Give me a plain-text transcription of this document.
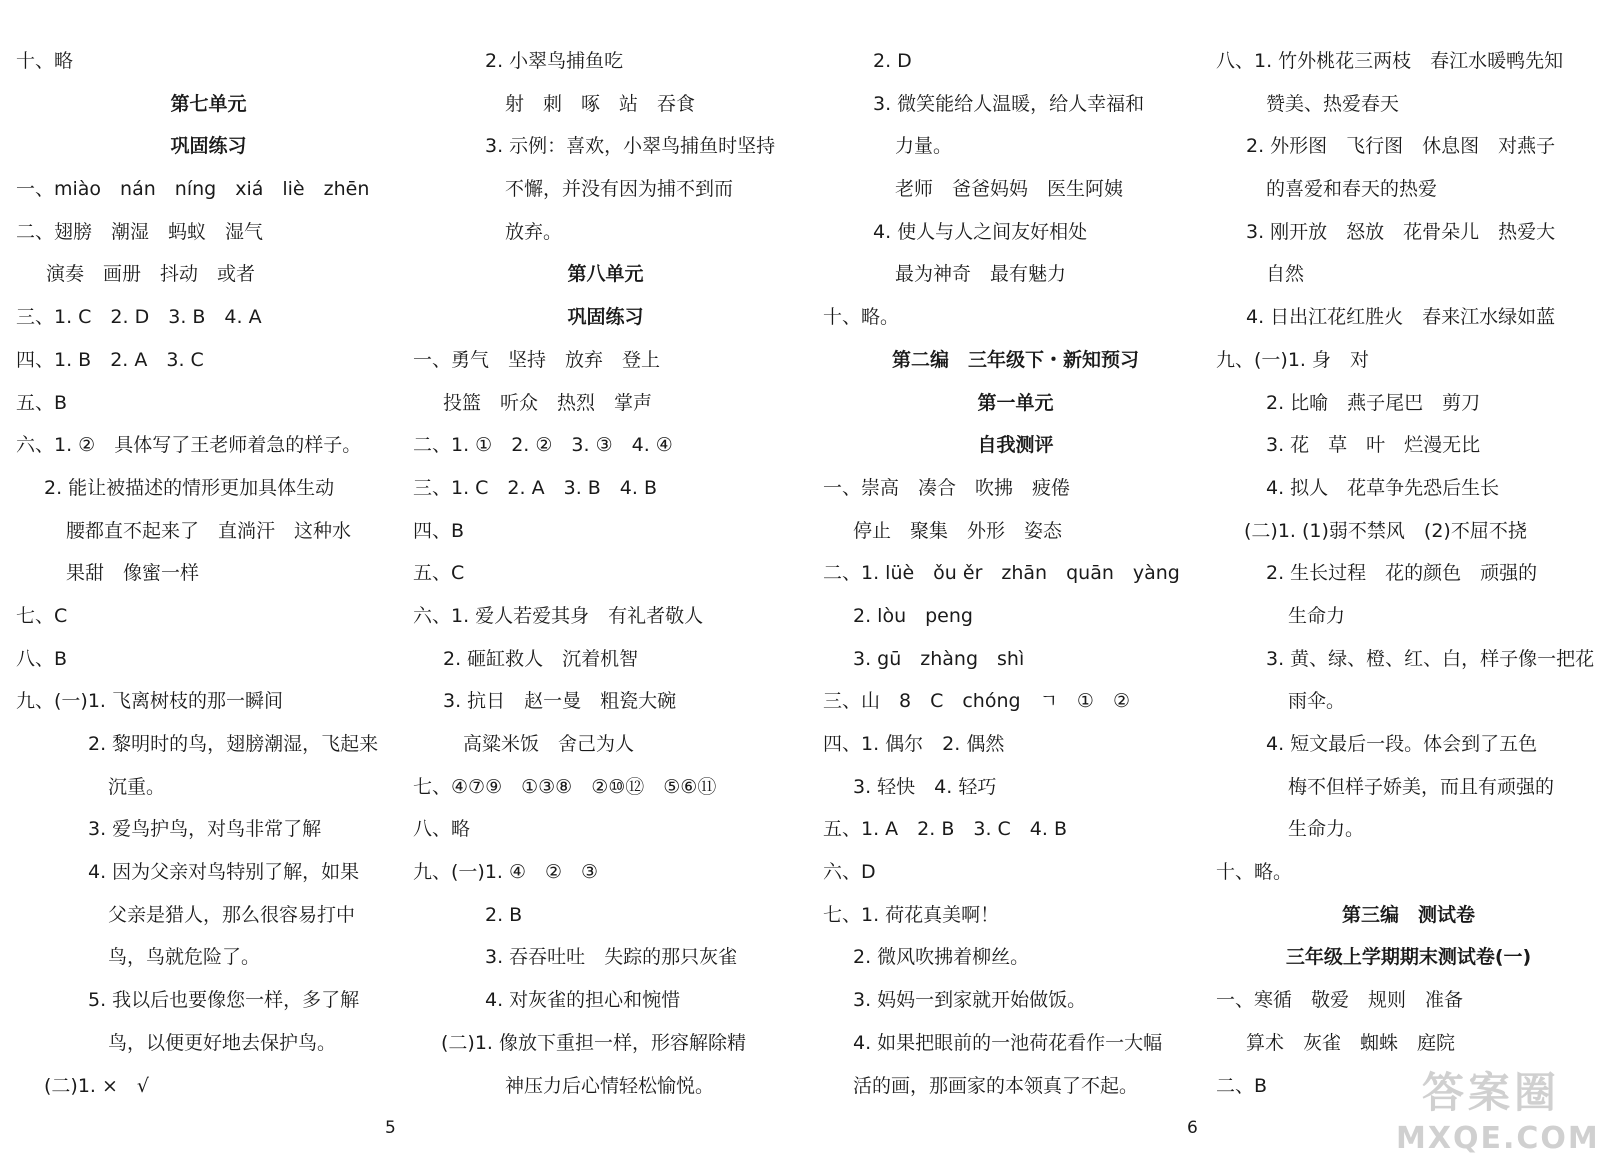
十、略
第七单元
巩固练习
一、miào　nán　níng　xiá　liè　zhēn
二、翅膀　潮湿　蚂蚁　湿气
演奏　画册　抖动　或者
三、1. C　2. D　3. B　4. A
四、1. B　2. A　3. C
五、B
六、1. ②　具体写了王老师着急的样子。
2. 能让被描述的情形更加具体生动
腰都直不起来了　直淌汗　这种水
果甜　像蜜一样
七、C
八、B
九、(一)1. 飞离树枝的那一瞬间
2. 黎明时的鸟，翅膀潮湿，飞起来
沉重。
3. 爱鸟护鸟，对鸟非常了解
4. 因为父亲对鸟特别了解，如果
父亲是猎人，那么很容易打中
鸟，鸟就危险了。
5. 我以后也要像您一样，多了解
鸟，以便更好地去保护鸟。
(二)1. ×　√
2. 小翠鸟捕鱼吃
射　刺　啄　站　吞食
3. 示例：喜欢，小翠鸟捕鱼时坚持
不懈，并没有因为捕不到而
放弃。
第八单元
巩固练习
一、勇气　坚持　放弃　登上
投篮　听众　热烈　掌声
二、1. ①　2. ②　3. ③　4. ④
三、1. C　2. A　3. B　4. B
四、B
五、C
六、1. 爱人若爱其身　有礼者敬人
2. 砸缸救人　沉着机智
3. 抗日　赵一曼　粗瓷大碗
高粱米饭　舍己为人
七、④⑦⑨　①③⑧　②⑩⑫　⑤⑥⑪
八、略
九、(一)1. ④　②　③
2. B
3. 吞吞吐吐　失踪的那只灰雀
4. 对灰雀的担心和惋惜
(二)1. 像放下重担一样，形容解除精
神压力后心情轻松愉悦。
2. D
3. 微笑能给人温暖，给人幸福和
力量。
老师　爸爸妈妈　医生阿姨
4. 使人与人之间友好相处
最为神奇　最有魅力
十、略。
第二编　三年级下・新知预习
第一单元
自我测评
一、崇高　凑合　吹拂　疲倦
停止　聚集　外形　姿态
二、1. lüè　ǒu ěr　zhān　quān　yàng
2. lòu　peng
3. gū　zhàng　shì
三、山　8　C　chóng　ㄱ　①　②
四、1. 偶尔　2. 偶然
3. 轻快　4. 轻巧
五、1. A　2. B　3. C　4. B
六、D
七、1. 荷花真美啊！
2. 微风吹拂着柳丝。
3. 妈妈一到家就开始做饭。
4. 如果把眼前的一池荷花看作一大幅
活的画，那画家的本领真了不起。
八、1. 竹外桃花三两枝　春江水暖鸭先知
赞美、热爱春天
2. 外形图　飞行图　休息图　对燕子
的喜爱和春天的热爱
3. 刚开放　怒放　花骨朵儿　热爱大
自然
4. 日出江花红胜火　春来江水绿如蓝
九、(一)1. 身　对
2. 比喻　燕子尾巴　剪刀
3. 花　草　叶　烂漫无比
4. 拟人　花草争先恐后生长
(二)1. (1)弱不禁风　(2)不屈不挠
2. 生长过程　花的颜色　顽强的
生命力
3. 黄、绿、橙、红、白，样子像一把花
雨伞。
4. 短文最后一段。体会到了五色
梅不但样子娇美，而且有顽强的
生命力。
十、略。
第三编　测试卷
三年级上学期期末测试卷(一)
一、寒循　敬爱　规则　准备
算术　灰雀　蜘蛛　庭院
二、B
5	6
答案圈
MXQE.COM
